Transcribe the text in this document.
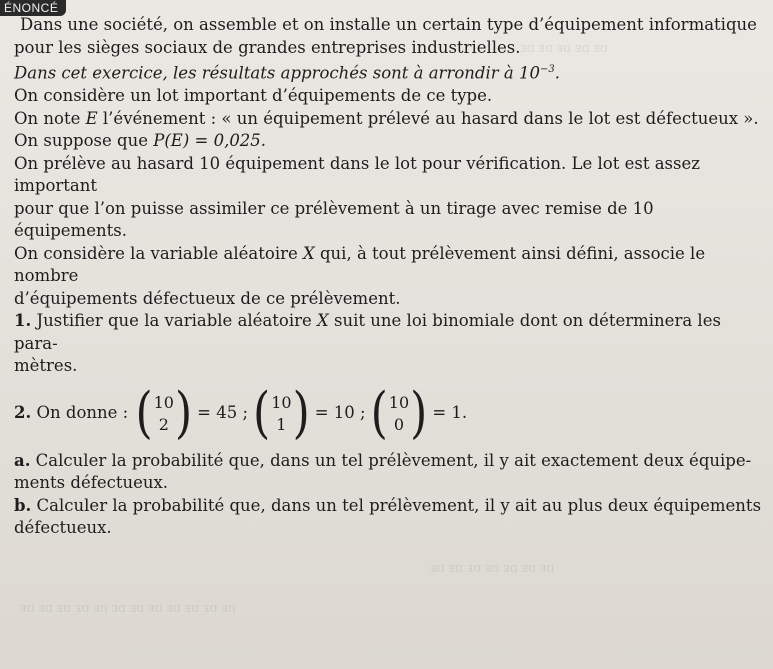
ᴅᴇ ᴅᴇ ᴅᴇ ᴅᴇ ᴅᴇ
ᴅᴇ ᴅᴇ ᴅᴇ ᴅᴇ ᴅᴇ ᴅᴇ ᴅᴇ
ᴅᴇ ᴅᴇ ᴅᴇ ᴅᴇ ᴅᴇ ᴅᴇ ᴅᴇ ᴅᴇ ᴅᴇ ᴅᴇ ᴅᴇ ᴅᴇ
ÉNONCÉ

Dans une société, on assemble et on installe un certain type d’équipement informatique

pour les sièges sociaux de grandes entreprises industrielles.

Dans cet exercice, les résultats approchés sont à arrondir à $10^{-3}$.

On considère un lot important d’équipements de ce type.

On note E l’événement : « un équipement prélevé au hasard dans le lot est défectueux ».

On suppose que P(E) = 0,025.

On prélève au hasard 10 équipement dans le lot pour vérification. Le lot est assez important

pour que l’on puisse assimiler ce prélèvement à un tirage avec remise de 10 équipements.

On considère la variable aléatoire X qui, à tout prélèvement ainsi défini, associe le nombre

d’équipements défectueux de ce prélèvement.

1. Justifier que la variable aléatoire X suit une loi binomiale dont on déterminera les para-

mètres.

2. On donne : ( 10
2 ) = 45 ; ( 10
1 ) = 10 ; ( 10
0 ) = 1.

a. Calculer la probabilité que, dans un tel prélèvement, il y ait exactement deux équipe-

ments défectueux.

b. Calculer la probabilité que, dans un tel prélèvement, il y ait au plus deux équipements

défectueux.
